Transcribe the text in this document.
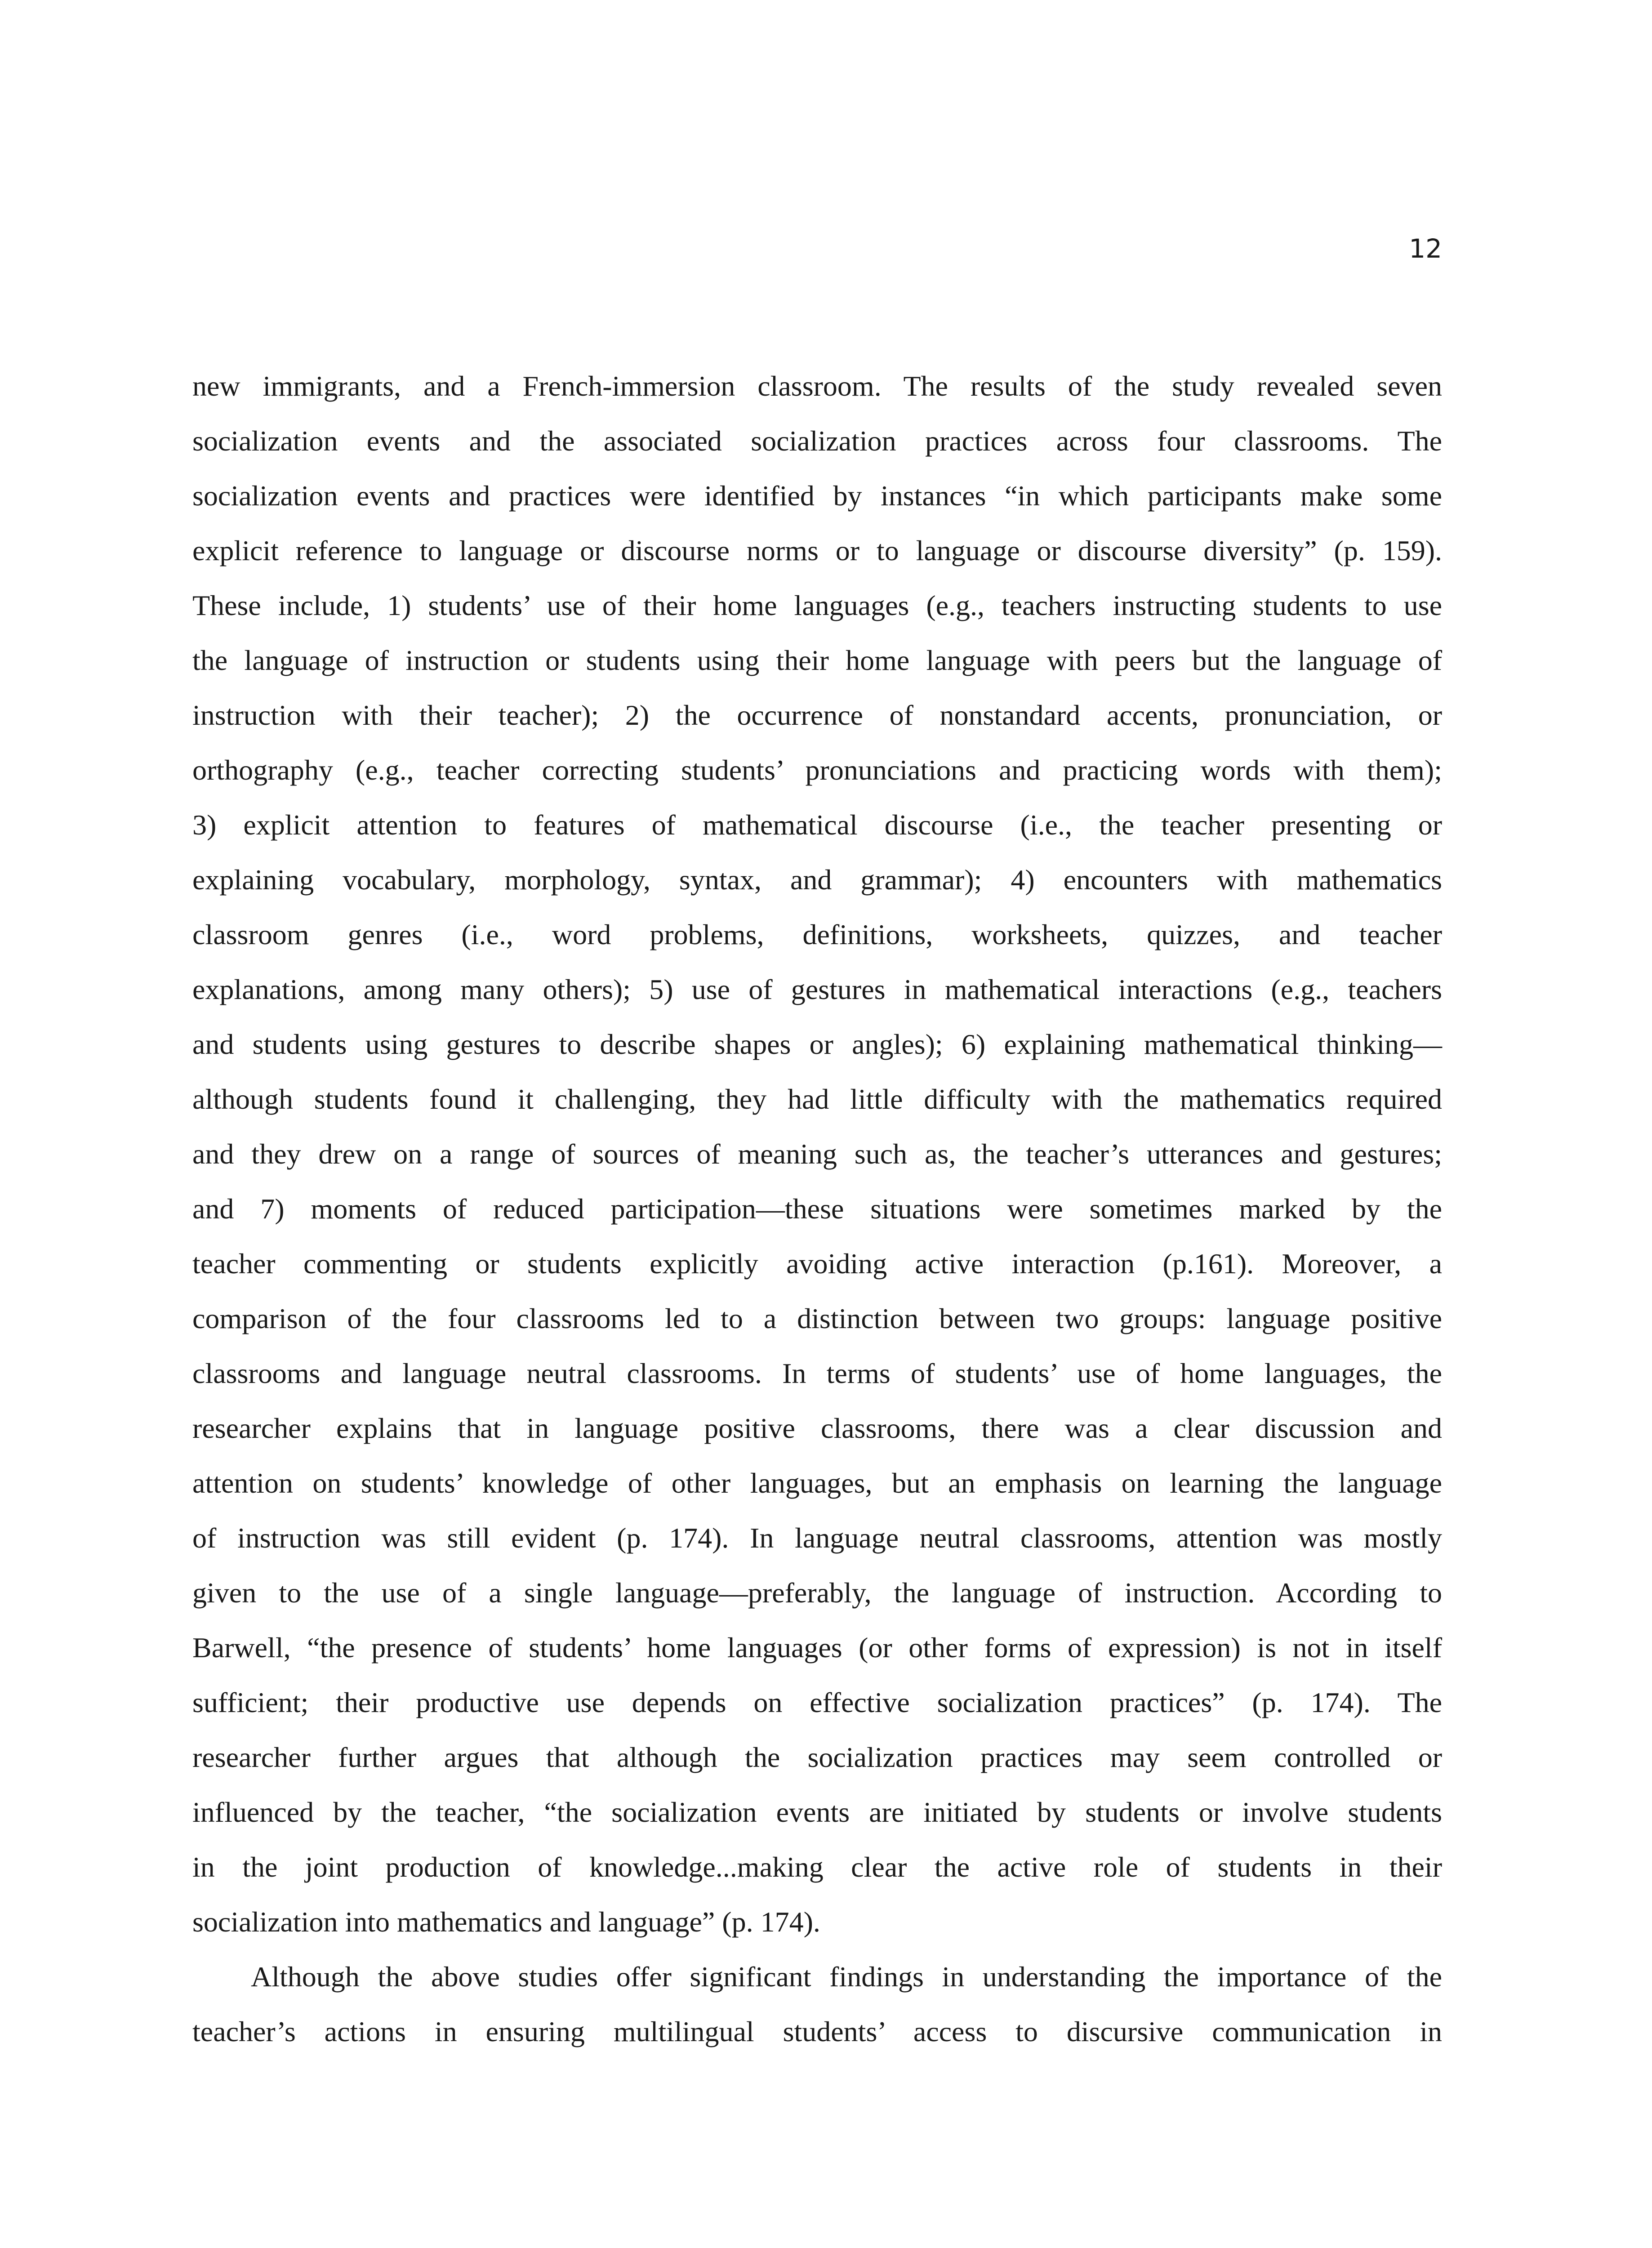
12
new immigrants, and a French-immersion classroom. The results of the study revealed seven
socialization events and the associated socialization practices across four classrooms. The
socialization events and practices were identified by instances “in which participants make some
explicit reference to language or discourse norms or to language or discourse diversity” (p. 159).
These include, 1) students’ use of their home languages (e.g., teachers instructing students to use
the language of instruction or students using their home language with peers but the language of
instruction with their teacher); 2) the occurrence of nonstandard accents, pronunciation, or
orthography (e.g., teacher correcting students’ pronunciations and practicing words with them);
3) explicit attention to features of mathematical discourse (i.e., the teacher presenting or
explaining vocabulary, morphology, syntax, and grammar); 4) encounters with mathematics
classroom genres (i.e., word problems, definitions, worksheets, quizzes, and teacher
explanations, among many others); 5) use of gestures in mathematical interactions (e.g., teachers
and students using gestures to describe shapes or angles); 6) explaining mathematical thinking—
although students found it challenging, they had little difficulty with the mathematics required
and they drew on a range of sources of meaning such as, the teacher’s utterances and gestures;
and 7) moments of reduced participation—these situations were sometimes marked by the
teacher commenting or students explicitly avoiding active interaction (p.161). Moreover, a
comparison of the four classrooms led to a distinction between two groups: language positive
classrooms and language neutral classrooms. In terms of students’ use of home languages, the
researcher explains that in language positive classrooms, there was a clear discussion and
attention on students’ knowledge of other languages, but an emphasis on learning the language
of instruction was still evident (p. 174). In language neutral classrooms, attention was mostly
given to the use of a single language—preferably, the language of instruction. According to
Barwell, “the presence of students’ home languages (or other forms of expression) is not in itself
sufficient; their productive use depends on effective socialization practices” (p. 174). The
researcher further argues that although the socialization practices may seem controlled or
influenced by the teacher, “the socialization events are initiated by students or involve students
in the joint production of knowledge...making clear the active role of students in their
socialization into mathematics and language” (p. 174).
Although the above studies offer significant findings in understanding the importance of the
teacher’s actions in ensuring multilingual students’ access to discursive communication in
